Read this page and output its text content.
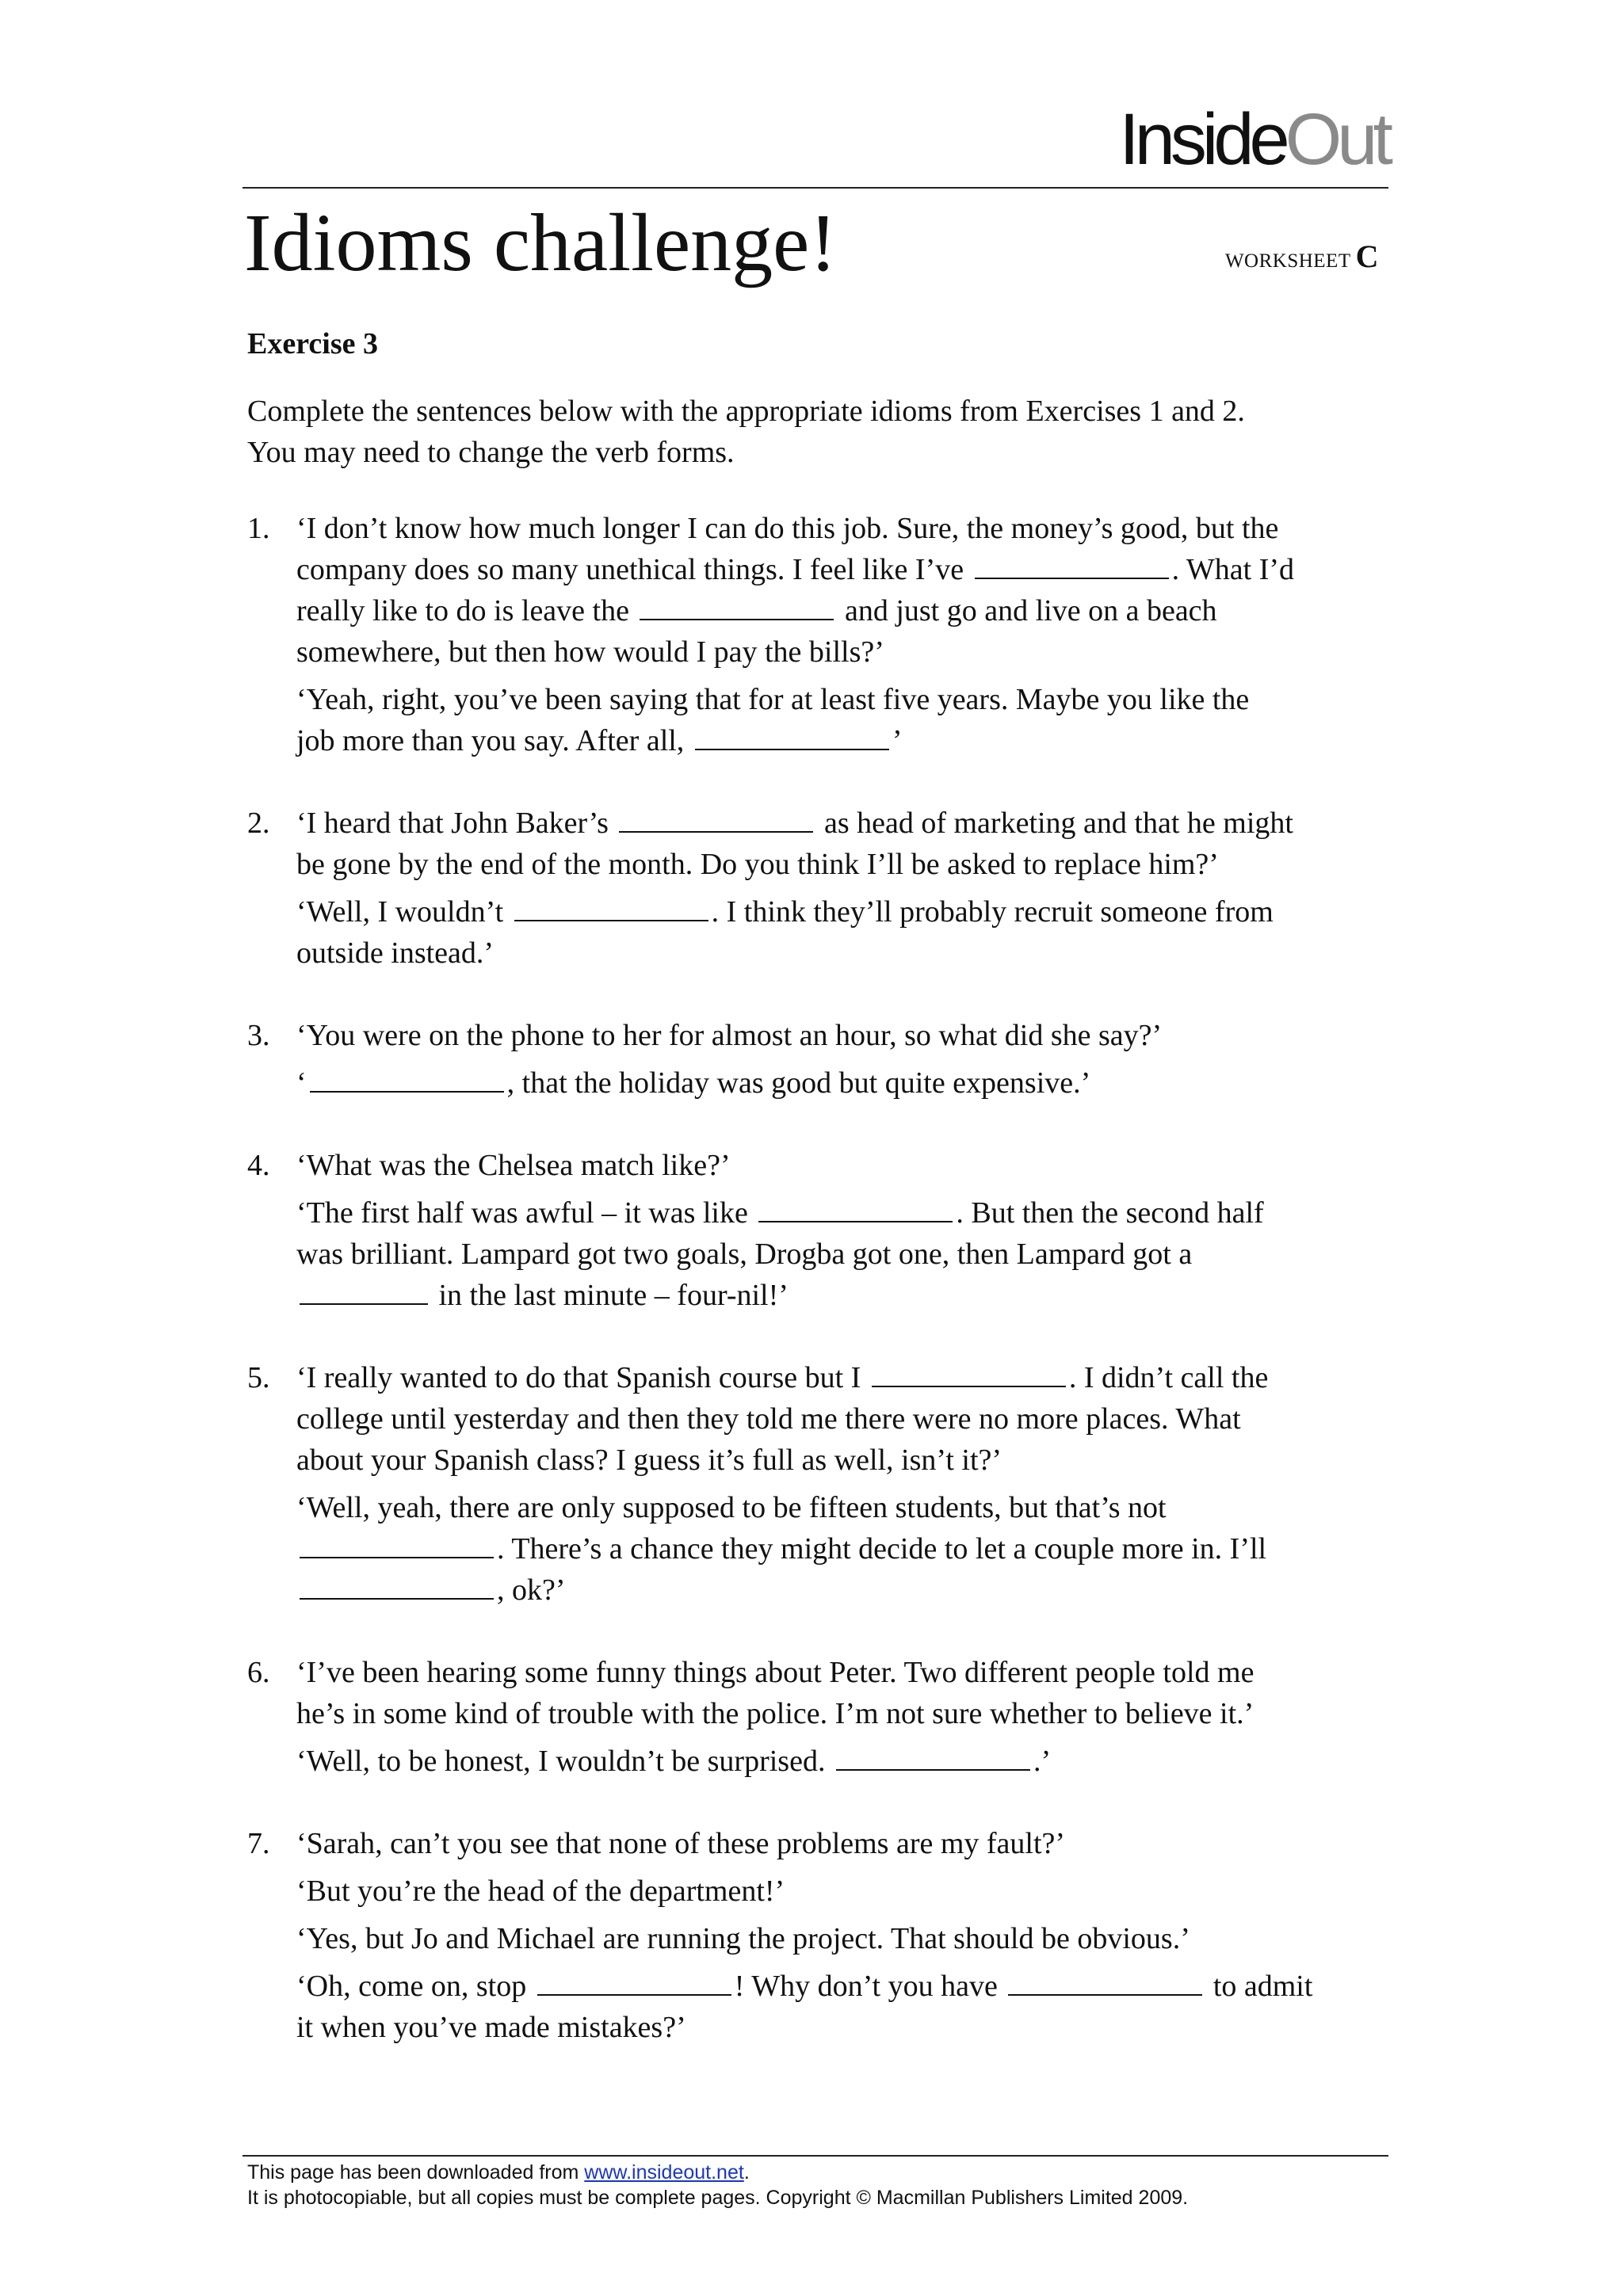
InsideOut
Idioms challenge!	WORKSHEET C
Exercise 3
Complete the sentences below with the appropriate idioms from Exercises 1 and 2.
You may need to change the verb forms.
1. ‘I don’t know how much longer I can do this job. Sure, the money’s good, but the
company does so many unethical things. I feel like I’ve	. What I’d
really like to do is leave the	and just go and live on a beach
somewhere, but then how would I pay the bills?’
‘Yeah, right, you’ve been saying that for at least five years. Maybe you like the
job more than you say. After all,	’
2. ‘I heard that John Baker’s	as head of marketing and that he might
be gone by the end of the month. Do you think I’ll be asked to replace him?’
‘Well, I wouldn’t	. I think they’ll probably recruit someone from
outside instead.’
3. ‘You were on the phone to her for almost an hour, so what did she say?’
‘	, that the holiday was good but quite expensive.’
4. ‘What was the Chelsea match like?’
‘The first half was awful – it was like	. But then the second half
was brilliant. Lampard got two goals, Drogba got one, then Lampard got a
in the last minute – four-nil!’
5. ‘I really wanted to do that Spanish course but I	. I didn’t call the
college until yesterday and then they told me there were no more places. What
about your Spanish class? I guess it’s full as well, isn’t it?’
‘Well, yeah, there are only supposed to be fifteen students, but that’s not
. There’s a chance they might decide to let a couple more in. I’ll
, ok?’
6. ‘I’ve been hearing some funny things about Peter. Two different people told me
he’s in some kind of trouble with the police. I’m not sure whether to believe it.’
‘Well, to be honest, I wouldn’t be surprised.	.’
7. ‘Sarah, can’t you see that none of these problems are my fault?’
‘But you’re the head of the department!’
‘Yes, but Jo and Michael are running the project. That should be obvious.’
‘Oh, come on, stop	! Why don’t you have	to admit
it when you’ve made mistakes?’
This page has been downloaded from www.insideout.net.
It is photocopiable, but all copies must be complete pages. Copyright © Macmillan Publishers Limited 2009.
